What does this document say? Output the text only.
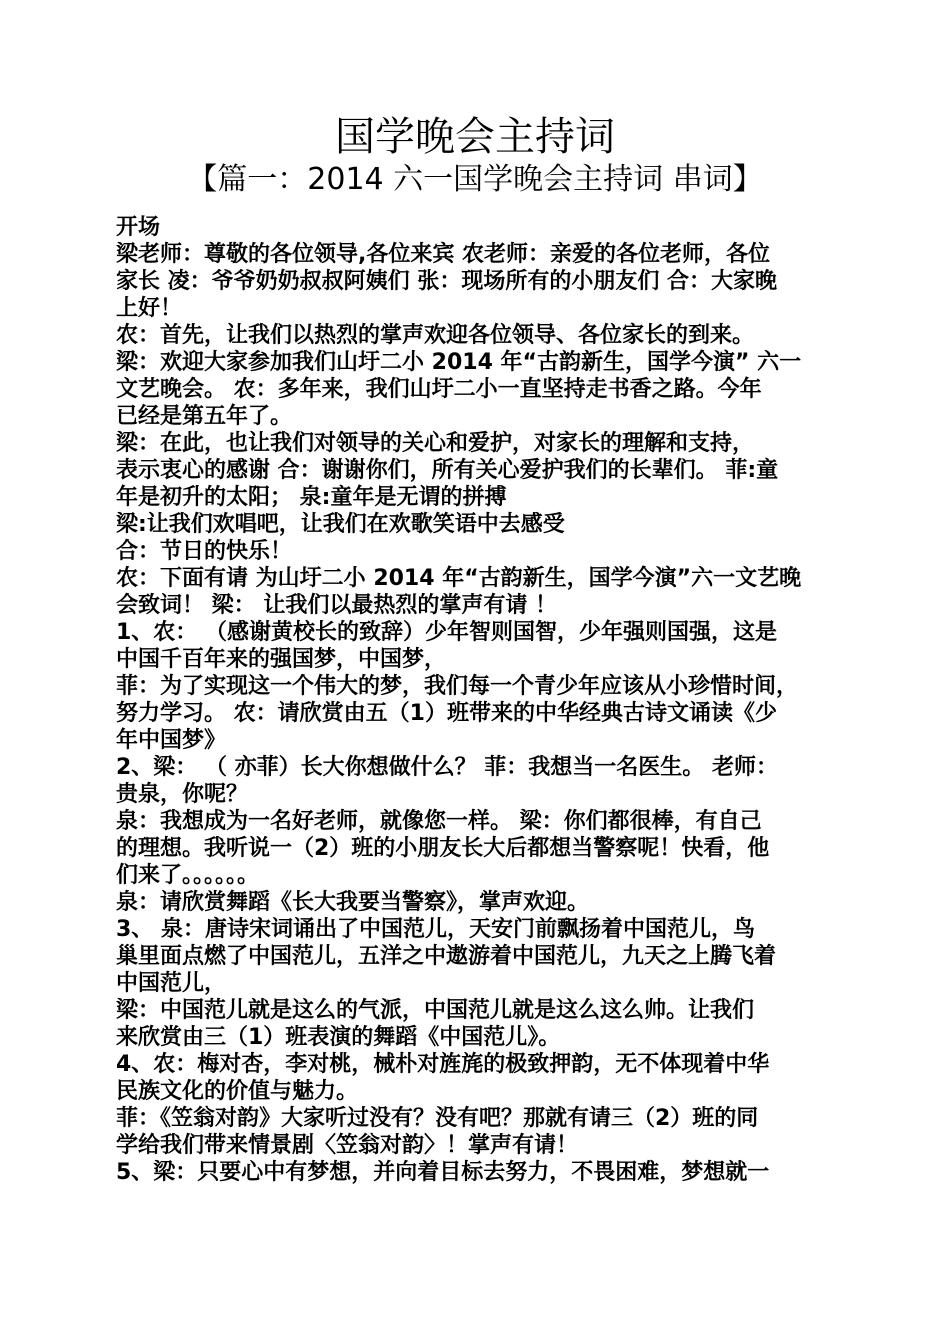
国学晚会主持词
【篇一：2014 六一国学晚会主持词 串词】
开场
梁老师：尊敬的各位领导,各位来宾 农老师：亲爱的各位老师，各位
家长 凌：爷爷奶奶叔叔阿姨们 张：现场所有的小朋友们 合：大家晚
上好！
农：首先，让我们以热烈的掌声欢迎各位领导、各位家长的到来。
梁：欢迎大家参加我们山圩二小 2014 年“古韵新生，国学今演” 六一
文艺晚会。 农：多年来，我们山圩二小一直坚持走书香之路。今年
已经是第五年了。
梁：在此，也让我们对领导的关心和爱护，对家长的理解和支持，
表示衷心的感谢 合：谢谢你们，所有关心爱护我们的长辈们。 菲:童
年是初升的太阳； 泉:童年是无谓的拼搏
梁:让我们欢唱吧，让我们在欢歌笑语中去感受
合：节日的快乐！
农：下面有请 为山圩二小 2014 年“古韵新生，国学今演”六一文艺晚
会致词！ 梁： 让我们以最热烈的掌声有请 ！
1、农： （感谢黄校长的致辞）少年智则国智，少年强则国强，这是
中国千百年来的强国梦，中国梦，
菲：为了实现这一个伟大的梦，我们每一个青少年应该从小珍惜时间，
努力学习。 农：请欣赏由五（1）班带来的中华经典古诗文诵读《少
年中国梦》
2、梁： （ 亦菲）长大你想做什么？ 菲：我想当一名医生。 老师：
贵泉，你呢？
泉：我想成为一名好老师，就像您一样。 梁：你们都很棒，有自己
的理想。我听说一（2）班的小朋友长大后都想当警察呢！快看，他
们来了。。。。。。
泉：请欣赏舞蹈《长大我要当警察》，掌声欢迎。
3、 泉：唐诗宋词诵出了中国范儿，天安门前飘扬着中国范儿，鸟
巢里面点燃了中国范儿，五洋之中遨游着中国范儿，九天之上腾飞着
中国范儿，
梁：中国范儿就是这么的气派，中国范儿就是这么这么帅。让我们
来欣赏由三（1）班表演的舞蹈《中国范儿》。
4、农：梅对杏，李对桃，械朴对旌旄的极致押韵，无不体现着中华
民族文化的价值与魅力。
菲：《笠翁对韵》大家听过没有？没有吧？那就有请三（2）班的同
学给我们带来情景剧〈笠翁对韵〉！掌声有请！
5、梁：只要心中有梦想，并向着目标去努力，不畏困难，梦想就一
